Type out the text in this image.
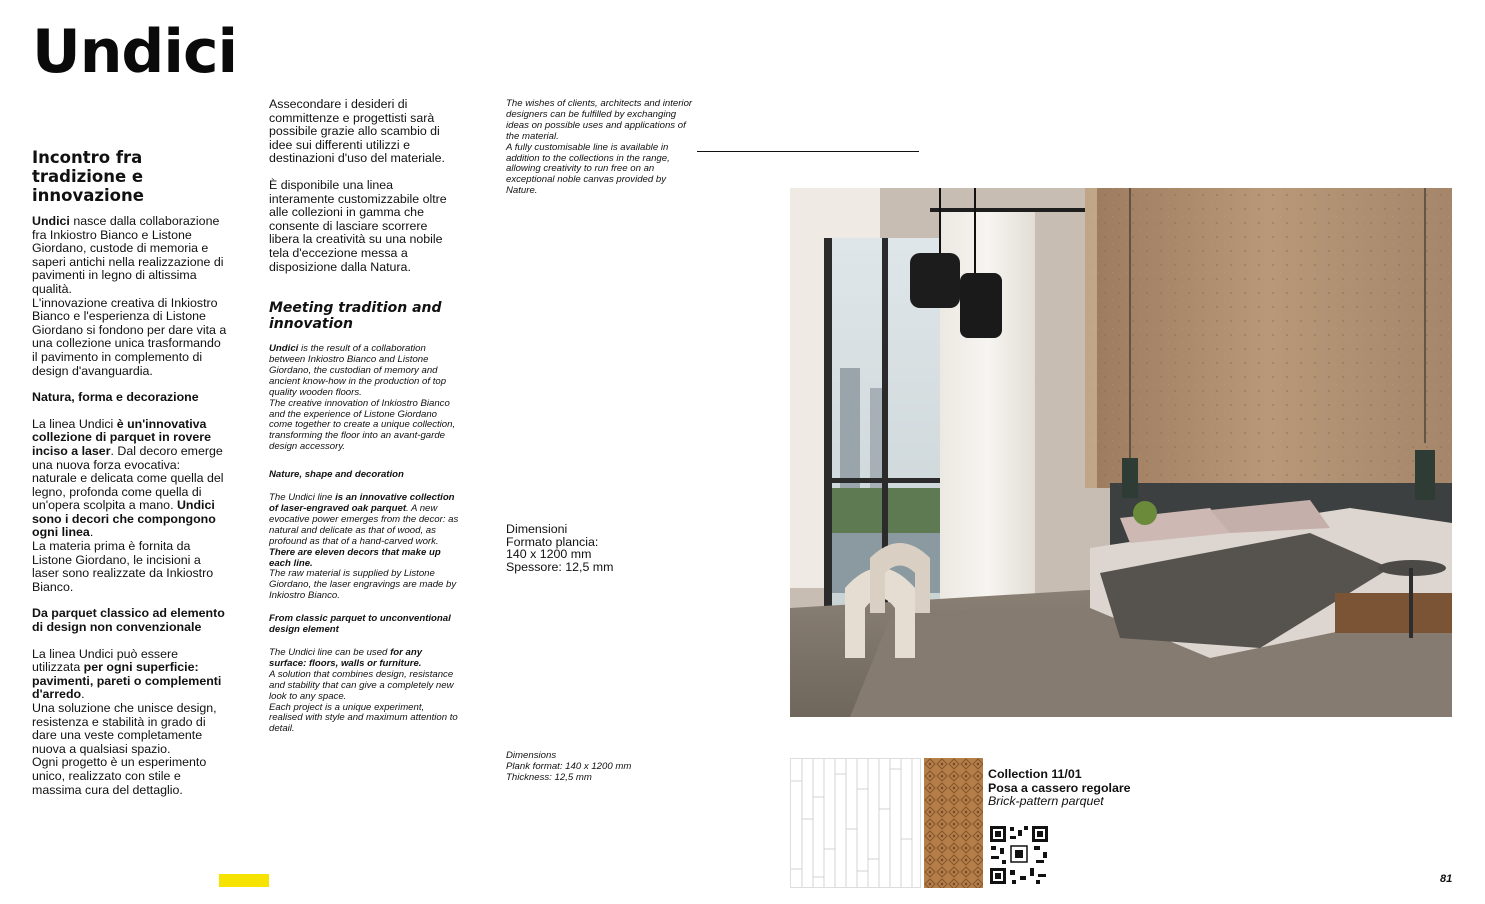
Undici
Incontro fra tradizione e innovazione

Undici nasce dalla collaborazione fra Inkiostro Bianco e Listone Giordano, custode di memoria e saperi antichi nella realizzazione di pavimenti in legno di altissima qualità.

L'innovazione creativa di Inkiostro Bianco e l'esperienza di Listone Giordano si fondono per dare vita a una collezione unica trasformando il pavimento in complemento di design d'avanguardia.

Natura, forma e decorazione

La linea Undici è un'innovativa collezione di parquet in rovere inciso a laser. Dal decoro emerge una nuova forza evocativa: naturale e delicata come quella del legno, profonda come quella di un'opera scolpita a mano. Undici sono i decori che compongono ogni linea.

La materia prima è fornita da Listone Giordano, le incisioni a laser sono realizzate da Inkiostro Bianco.

Da parquet classico ad elemento di design non convenzionale

La linea Undici può essere utilizzata per ogni superficie: pavimenti, pareti o complementi d'arredo.

Una soluzione che unisce design, resistenza e stabilità in grado di dare una veste completamente nuova a qualsiasi spazio.

Ogni progetto è un esperimento unico, realizzato con stile e massima cura del dettaglio.

Assecondare i desideri di committenze e progettisti sarà possibile grazie allo scambio di idee sui differenti utilizzi e destinazioni d'uso del materiale.

È disponibile una linea interamente customizzabile oltre alle collezioni in gamma che consente di lasciare scorrere libera la creatività su una nobile tela d'eccezione messa a disposizione dalla Natura.

Meeting tradition and innovation

Undici is the result of a collaboration between Inkiostro Bianco and Listone Giordano, the custodian of memory and ancient know-how in the production of top quality wooden floors.

The creative innovation of Inkiostro Bianco and the experience of Listone Giordano come together to create a unique collection, transforming the floor into an avant-garde design accessory.

Nature, shape and decoration

The Undici line is an innovative collection of laser-engraved oak parquet. A new evocative power emerges from the decor: as natural and delicate as that of wood, as profound as that of a hand-carved work. There are eleven decors that make up each line.

The raw material is supplied by Listone Giordano, the laser engravings are made by Inkiostro Bianco.

From classic parquet to unconventional design element

The Undici line can be used for any surface: floors, walls or furniture.

A solution that combines design, resistance and stability that can give a completely new look to any space.

Each project is a unique experiment, realised with style and maximum attention to detail.

The wishes of clients, architects and interior designers can be fulfilled by exchanging ideas on possible uses and applications of the material.

A fully customisable line is available in addition to the collections in the range, allowing creativity to run free on an exceptional noble canvas provided by Nature.

Dimensioni
Formato plancia:
140 x 1200 mm
Spessore: 12,5 mm
Dimensions
Plank format: 140 x 1200 mm
Thickness: 12,5 mm	Collection 11/01
Posa a cassero regolare
Brick-pattern parquet
81
